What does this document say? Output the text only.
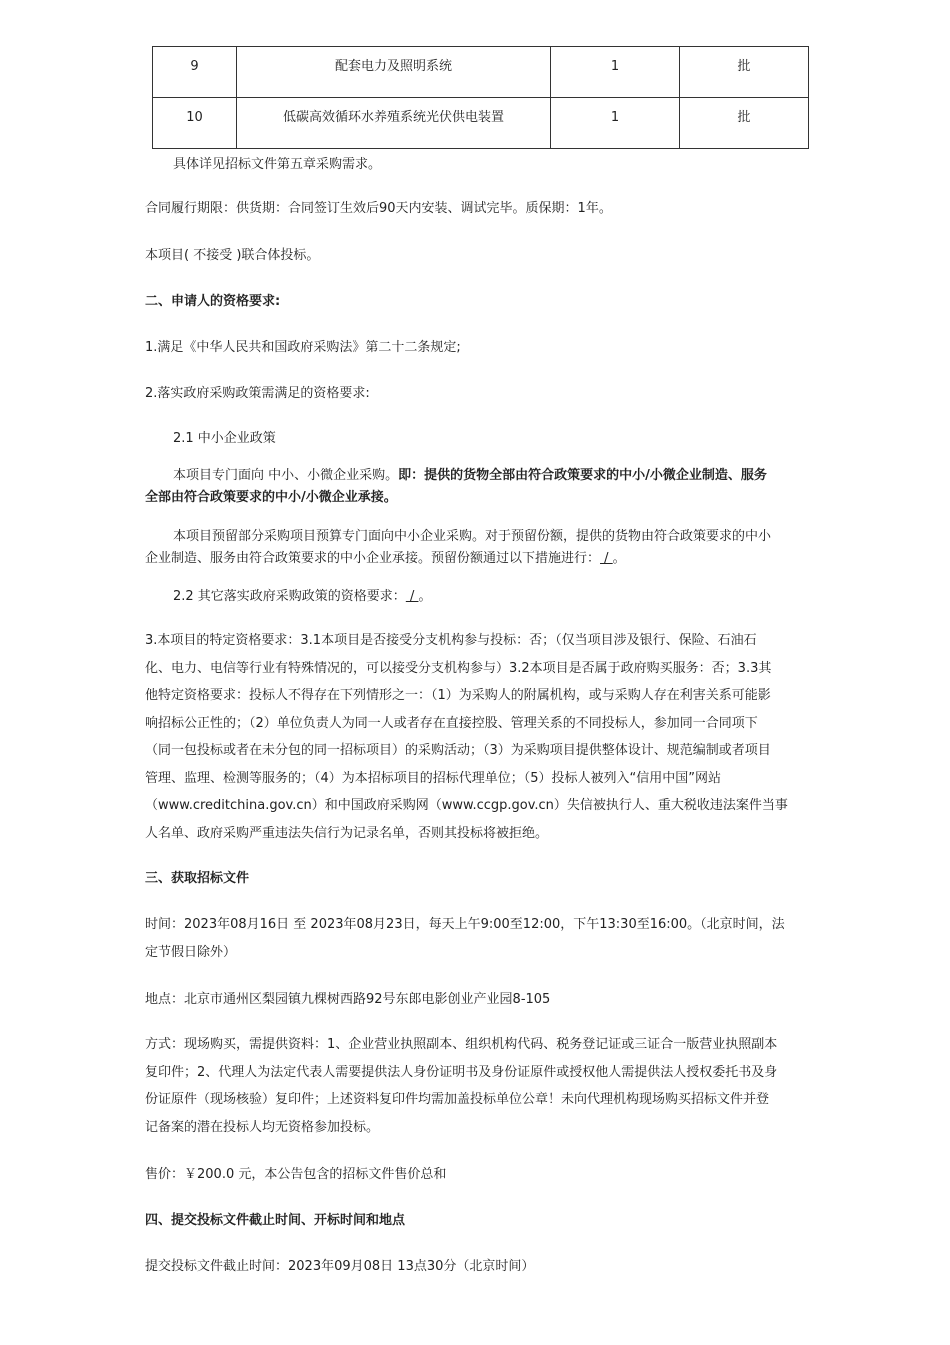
9	配套电力及照明系统	1	批
10	低碳高效循环水养殖系统光伏供电装置	1	批

具体详见招标文件第五章采购需求。

合同履行期限：供货期：合同签订生效后90天内安装、调试完毕。质保期：1年。

本项目( 不接受 )联合体投标。

二、申请人的资格要求:

1.满足《中华人民共和国政府采购法》第二十二条规定;

2.落实政府采购政策需满足的资格要求:

2.1 中小企业政策

本项目专门面向 中小、小微企业采购。即：提供的货物全部由符合政策要求的中小/小微企业制造、服务

全部由符合政策要求的中小/小微企业承接。

本项目预留部分采购项目预算专门面向中小企业采购。对于预留份额，提供的货物由符合政策要求的中小

企业制造、服务由符合政策要求的中小企业承接。预留份额通过以下措施进行： / 。

2.2 其它落实政府采购政策的资格要求： / 。

3.本项目的特定资格要求：3.1本项目是否接受分支机构参与投标：否；（仅当项目涉及银行、保险、石油石
化、电力、电信等行业有特殊情况的，可以接受分支机构参与）3.2本项目是否属于政府购买服务：否；3.3其
他特定资格要求：投标人不得存在下列情形之一：（1）为采购人的附属机构，或与采购人存在利害关系可能影
响招标公正性的；（2）单位负责人为同一人或者存在直接控股、管理关系的不同投标人，参加同一合同项下
（同一包投标或者在未分包的同一招标项目）的采购活动；（3）为采购项目提供整体设计、规范编制或者项目
管理、监理、检测等服务的；（4）为本招标项目的招标代理单位；（5）投标人被列入“信用中国”网站
（www.creditchina.gov.cn）和中国政府采购网（www.ccgp.gov.cn）失信被执行人、重大税收违法案件当事
人名单、政府采购严重违法失信行为记录名单，否则其投标将被拒绝。

三、获取招标文件

时间：2023年08月16日 至 2023年08月23日，每天上午9:00至12:00，下午13:30至16:00。（北京时间，法
定节假日除外）

地点：北京市通州区梨园镇九棵树西路92号东郎电影创业产业园8-105

方式：现场购买，需提供资料：1、企业营业执照副本、组织机构代码、税务登记证或三证合一版营业执照副本
复印件；2、代理人为法定代表人需要提供法人身份证明书及身份证原件或授权他人需提供法人授权委托书及身
份证原件（现场核验）复印件；上述资料复印件均需加盖投标单位公章！未向代理机构现场购买招标文件并登
记备案的潜在投标人均无资格参加投标。

售价：￥200.0 元，本公告包含的招标文件售价总和

四、提交投标文件截止时间、开标时间和地点

提交投标文件截止时间：2023年09月08日 13点30分（北京时间）
